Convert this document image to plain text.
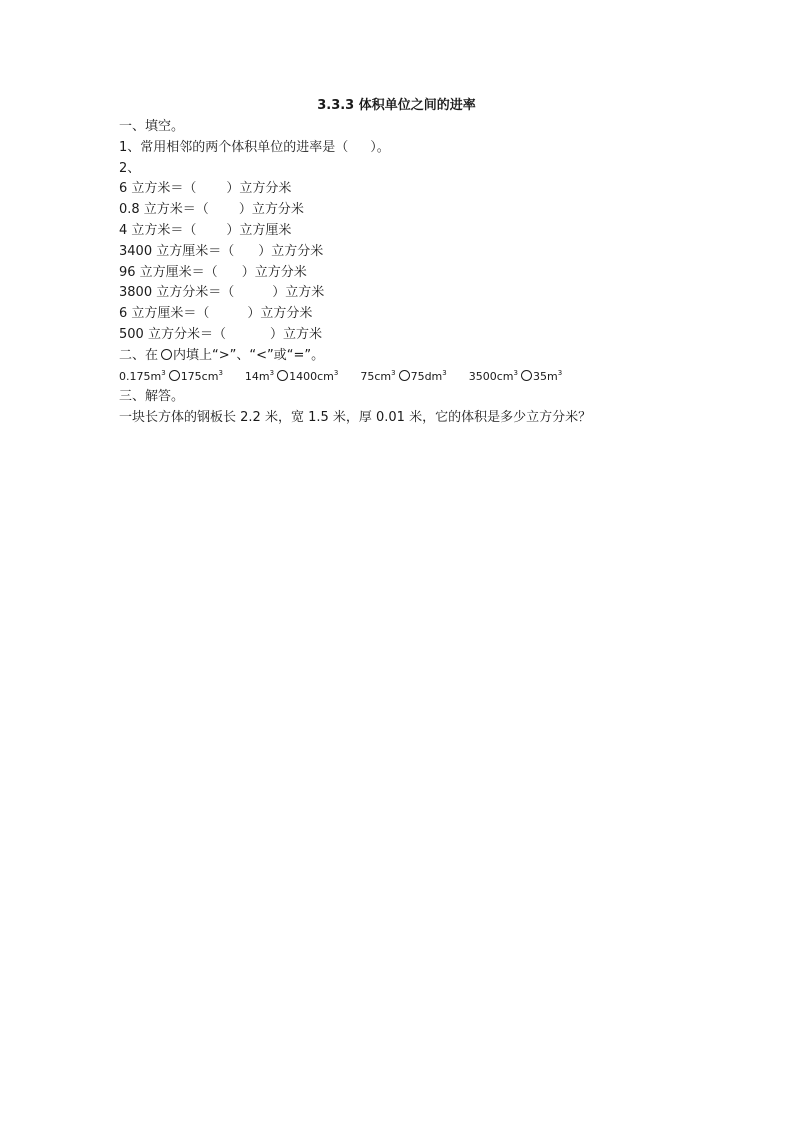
3.3.3 体积单位之间的进率
一、填空。
1、常用相邻的两个体积单位的进率是（ ）。
2、
6 立方米＝（ ）立方分米
0.8 立方米＝（ ）立方分米
4 立方米＝（ ）立方厘米
3400 立方厘米＝（ ）立方分米
96 立方厘米＝（ ）立方分米
3800 立方分米＝（	）立方米
6 立方厘米＝（	）立方分米
500 立方分米＝（	）立方米
二、在 内填上“>”、“<”或“=”。
$0.175m^3$ $175cm^3$ $14m^3$ $1400cm^3$ $75cm^3$ $75dm^3$ $3500cm^3$ $35m^3$
三、解答。
一块长方体的钢板长 2.2 米，宽 1.5 米，厚 0.01 米，它的体积是多少立方分米？
